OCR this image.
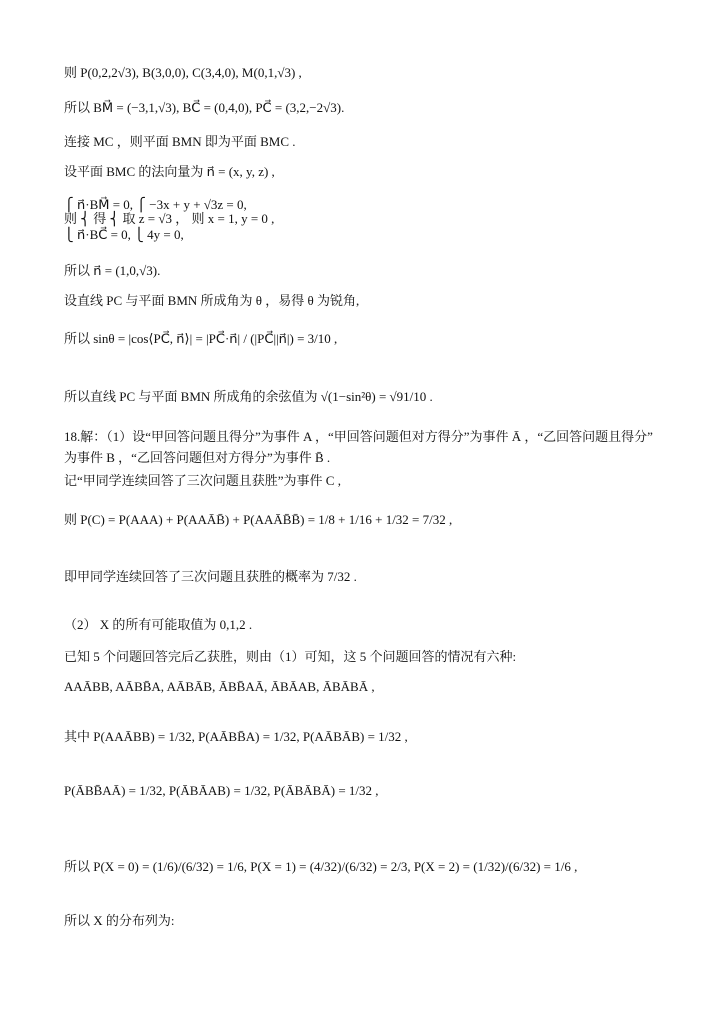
则 P(0,2,2√3), B(3,0,0), C(3,4,0), M(0,1,√3) ,
所以 BM⃗ = (−3,1,√3), BC⃗ = (0,4,0), PC⃗ = (3,2,−2√3).
连接 MC ，则平面 BMN 即为平面 BMC .
设平面 BMC 的法向量为 n⃗ = (x, y, z) ,
⎧ n⃗·BM⃗ = 0, ⎧ −3x + y + √3z = 0,
则 ⎨ 得 ⎨ 取 z = √3 ， 则 x = 1, y = 0 ,
⎩ n⃗·BC⃗ = 0, ⎩ 4y = 0,
所以 n⃗ = (1,0,√3).
设直线 PC 与平面 BMN 所成角为 θ ，易得 θ 为锐角,
所以 sinθ = |cos⟨PC⃗, n⃗⟩| = |PC⃗·n⃗| / (|PC⃗||n⃗|) = 3/10 ,
所以直线 PC 与平面 BMN 所成角的余弦值为 √(1−sin²θ) = √91/10 .
18.解：（1）设“甲回答问题且得分”为事件 A ，“甲回答问题但对方得分”为事件 Ā ，“乙回答问题且得分”
为事件 B ，“乙回答问题但对方得分”为事件 B̄ .
记“甲同学连续回答了三次问题且获胜”为事件 C ,
则 P(C) = P(AAA) + P(AAĀB̄) + P(AAĀB̄B̄) = 1/8 + 1/16 + 1/32 = 7/32 ,
即甲同学连续回答了三次问题且获胜的概率为 7/32 .
（2） X 的所有可能取值为 0,1,2 .
已知 5 个问题回答完后乙获胜，则由（1）可知，这 5 个问题回答的情况有六种:
AAĀBB, AĀBB̄A, AĀBĀB, ĀBB̄AĀ, ĀBĀAB, ĀBĀBĀ ,
其中 P(AAĀBB) = 1/32, P(AĀBB̄A) = 1/32, P(AĀBĀB) = 1/32 ,
P(ĀBB̄AĀ) = 1/32, P(ĀBĀAB) = 1/32, P(ĀBĀBĀ) = 1/32 ,
所以 P(X = 0) = (1/6)/(6/32) = 1/6, P(X = 1) = (4/32)/(6/32) = 2/3, P(X = 2) = (1/32)/(6/32) = 1/6 ,
所以 X 的分布列为:
